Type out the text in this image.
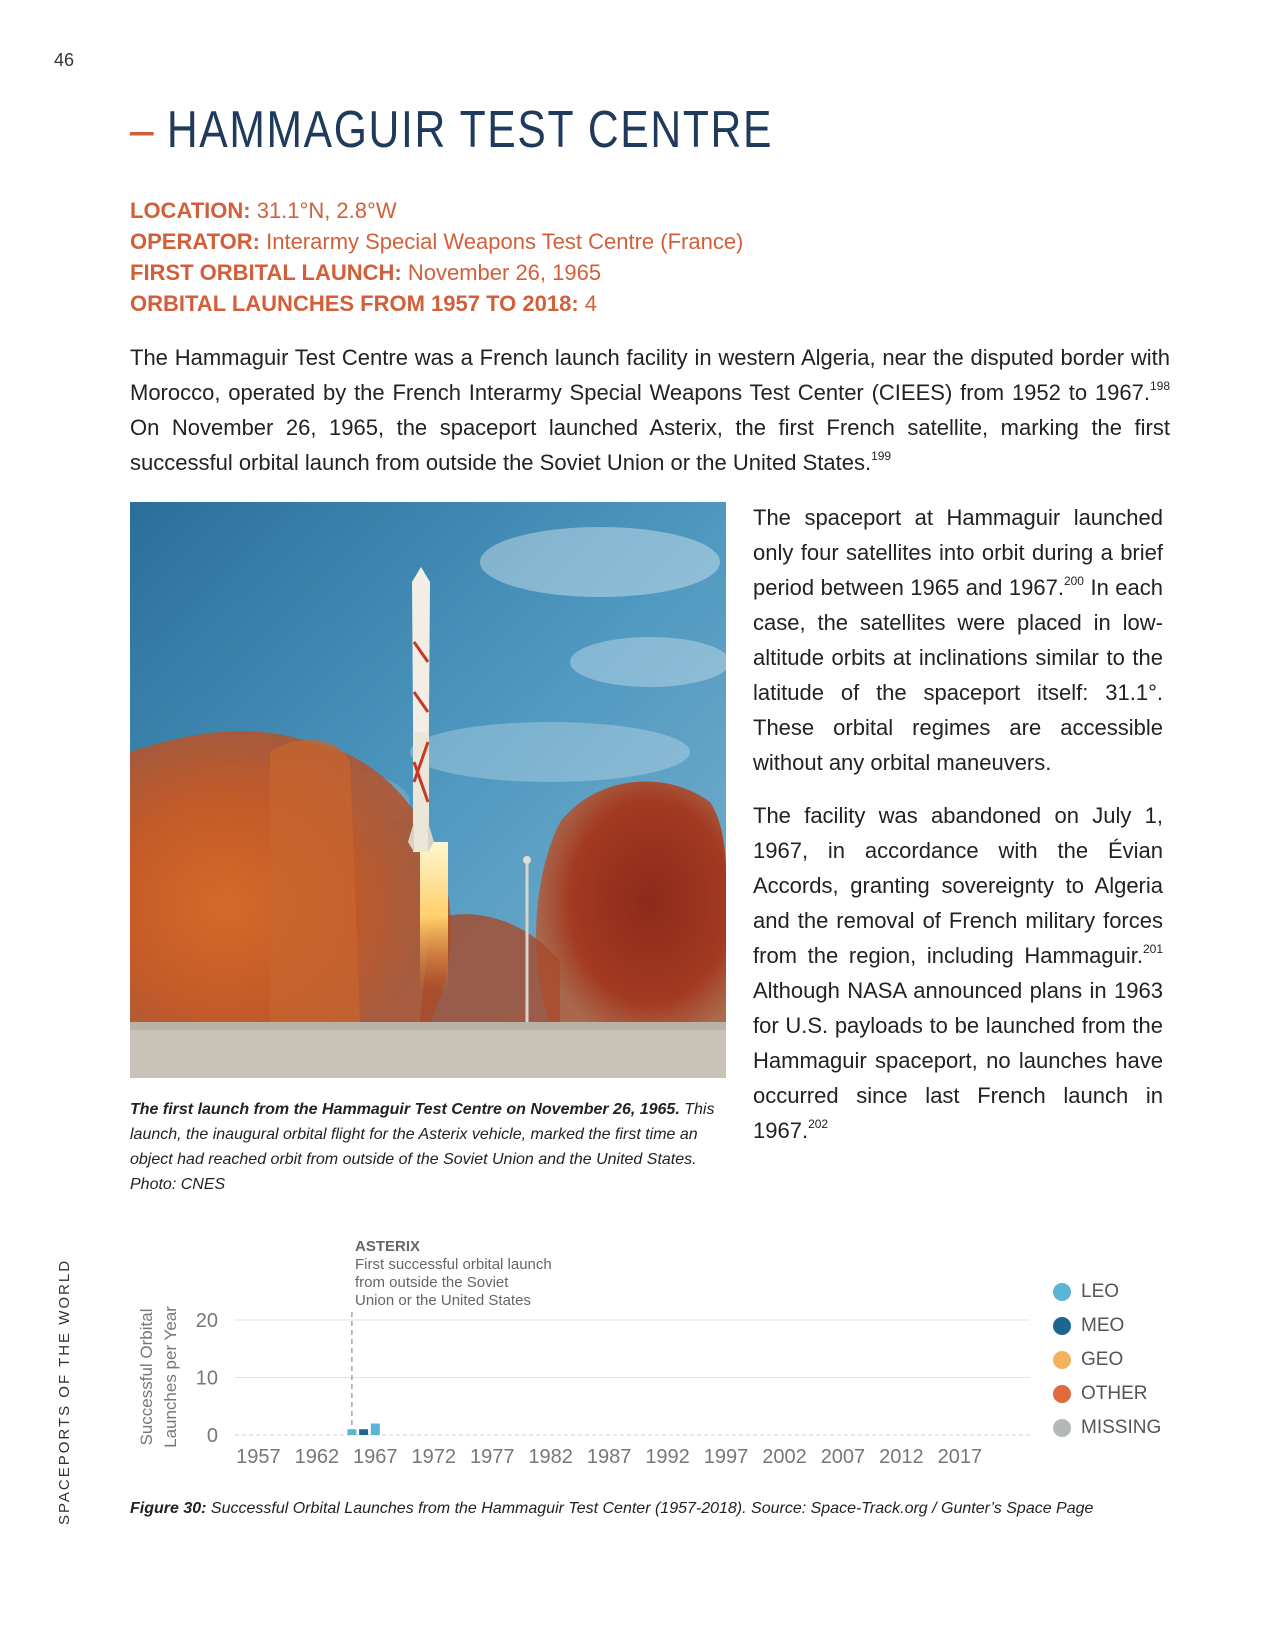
46
– HAMMAGUIR TEST CENTRE
LOCATION: 31.1°N, 2.8°W
OPERATOR: Interarmy Special Weapons Test Centre (France)
FIRST ORBITAL LAUNCH: November 26, 1965
ORBITAL LAUNCHES FROM 1957 TO 2018: 4

The Hammaguir Test Centre was a French launch facility in western Algeria, near the disputed border with Morocco, operated by the French Interarmy Special Weapons Test Center (CIEES) from 1952 to 1967.$^{198}$ On November 26, 1965, the spaceport launched Asterix, the first French satellite, marking the first successful orbital launch from outside the Soviet Union or the United States.$^{199}$

The first launch from the Hammaguir Test Centre on November 26, 1965. This launch, the inaugural orbital flight for the Asterix vehicle, marked the first time an object had reached orbit from outside of the Soviet Union and the United States. Photo: CNES

The spaceport at Hammaguir launched only four satellites into orbit during a brief period between 1965 and 1967.$^{200}$ In each case, the satellites were placed in low-altitude orbits at inclinations similar to the latitude of the spaceport itself: 31.1°. These orbital regimes are accessible without any orbital maneuvers.

The facility was abandoned on July 1, 1967, in accordance with the Évian Accords, granting sovereignty to Algeria and the removal of French military forces from the region, including Hammaguir.$^{201}$ Although NASA announced plans in 1963 for U.S. payloads to be launched from the Hammaguir spaceport, no launches have occurred since last French launch in 1967.$^{202}$

SPACEPORTS OF THE WORLD
ASTERIX
First successful orbital launch
from outside the Soviet
Union or the United States
0
10
20
Successful Orbital Launches per Year
1957 1962 1967 1972 1977 1982 1987 1992 1997 2002 2007 2012 2017
LEO
MEO
GEO
OTHER
MISSING
Figure 30: Successful Orbital Launches from the Hammaguir Test Center (1957-2018). Source: Space-Track.org / Gunter’s Space Page
